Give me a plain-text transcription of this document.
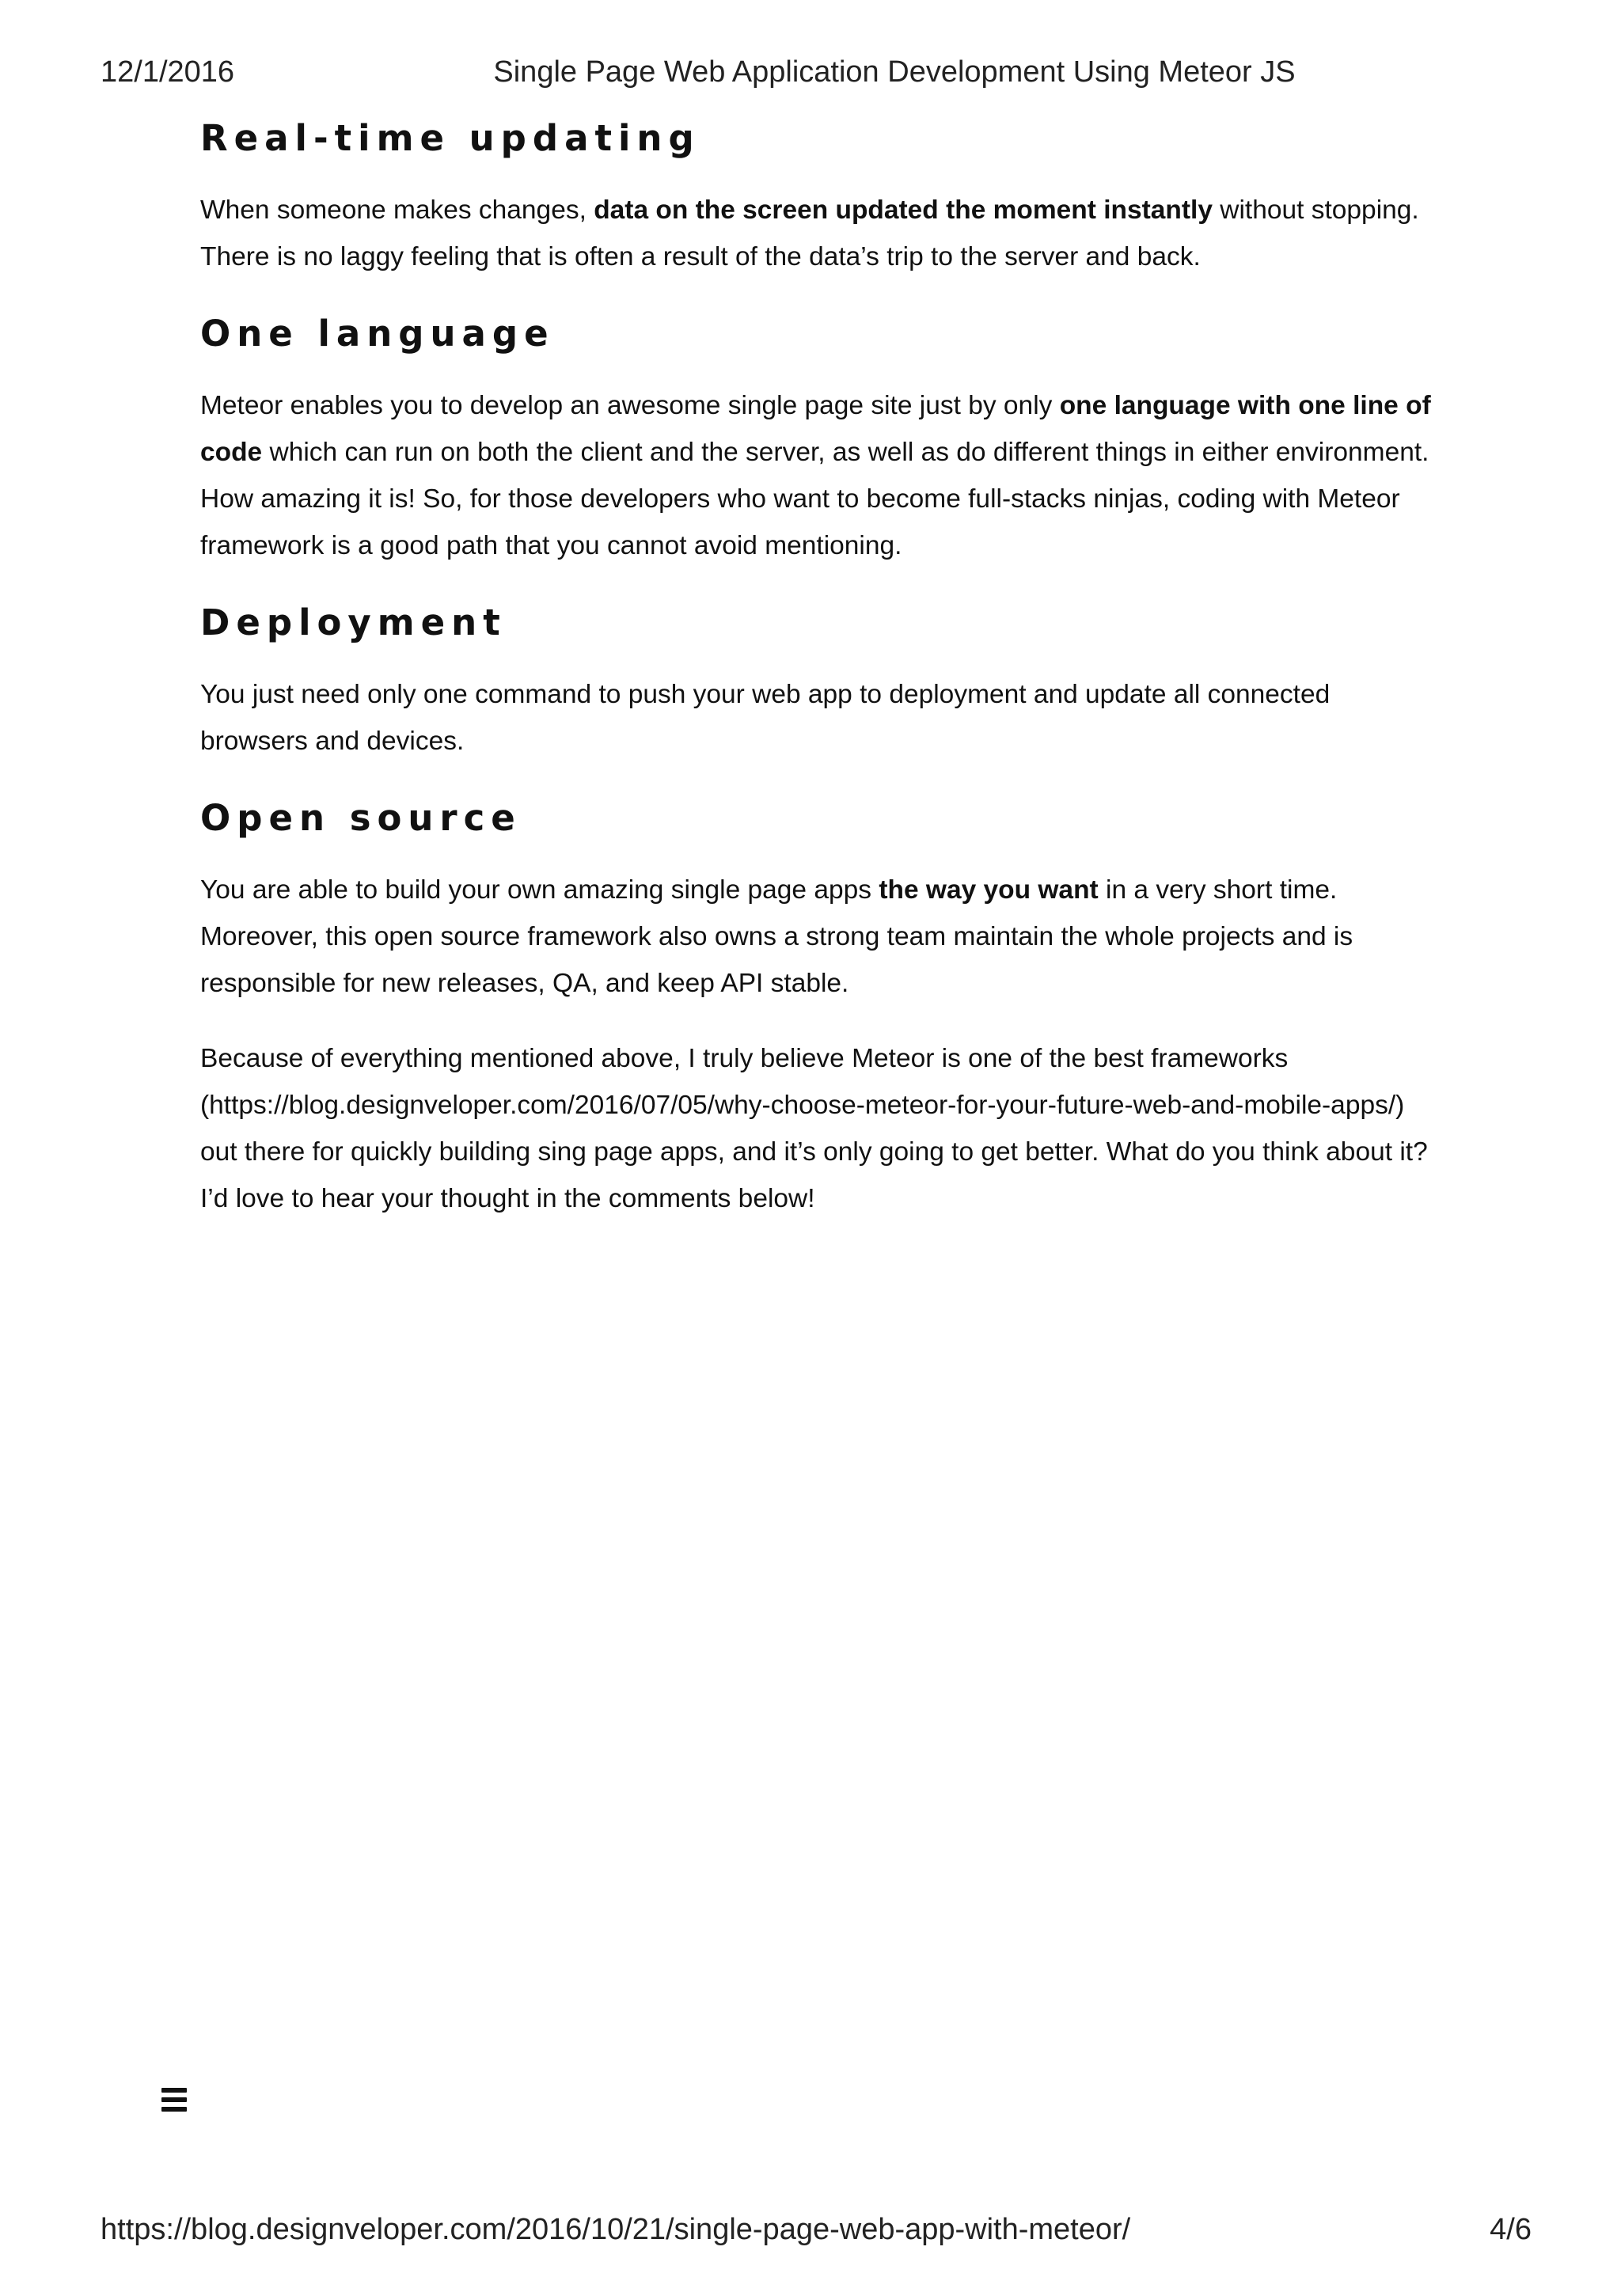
12/1/2016	Single Page Web Application Development Using Meteor JS
Real-time updating

When someone makes changes, data on the screen updated the moment instantly without stopping. There is no laggy feeling that is often a result of the data’s trip to the server and back.

One language

Meteor enables you to develop an awesome single page site just by only one language with one line of code which can run on both the client and the server, as well as do different things in either environment. How amazing it is! So, for those developers who want to become full-stacks ninjas, coding with Meteor framework is a good path that you cannot avoid mentioning.

Deployment

You just need only one command to push your web app to deployment and update all connected browsers and devices.

Open source

You are able to build your own amazing single page apps the way you want in a very short time. Moreover, this open source framework also owns a strong team maintain the whole projects and is responsible for new releases, QA, and keep API stable.

Because of everything mentioned above, I truly believe Meteor is one of the best frameworks (https://blog.designveloper.com/2016/07/05/why-choose-meteor-for-your-future-web-and-mobile-apps/) out there for quickly building sing page apps, and it’s only going to get better. What do you think about it? I’d love to hear your thought in the comments below!

https://blog.designveloper.com/2016/10/21/single-page-web-app-with-meteor/	4/6
